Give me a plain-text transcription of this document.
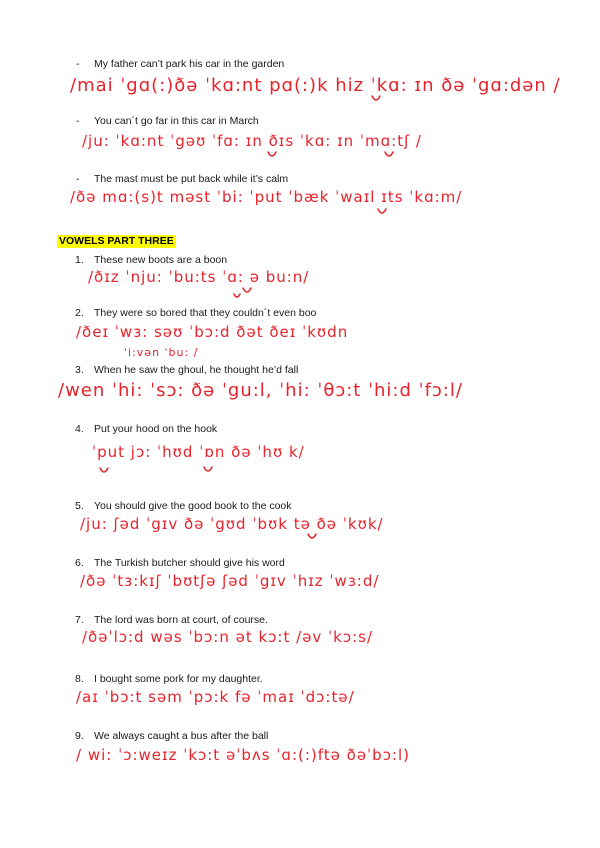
- My father can’t park his car in the garden
/mai ˈgɑ(:)ðə ˈkɑ:nt pɑ(:)k hiz ˈkɑ: ɪn ðə ˈgɑ:dən /
- You can´t go far in this car in March
/ju: ˈkɑ:nt ˈgəʊ ˈfɑ: ɪn ðɪs ˈkɑ: ɪn ˈmɑ:tʃ /
- The mast must be put back while it’s calm
/ðə mɑ:(s)t məst ˈbi: ˈput ˈbæk ˈwaɪl ɪts ˈkɑ:m/
VOWELS PART THREE
1. These new boots are a boon
/ðɪz ˈnju: ˈbu:ts ˈɑ: ə bu:n/
2. They were so bored that they couldn´t even boo
/ðeɪ ˈwɜ: səʊ ˈbɔ:d ðət ðeɪ ˈkʊdn
ˈi:vən ˈbu: /
3. When he saw the ghoul, he thought he’d fall
/wen ˈhi: ˈsɔ: ðə ˈgu:l, ˈhi: ˈθɔ:t ˈhi:d ˈfɔ:l/
4. Put your hood on the hook
ˈput jɔ: ˈhʊd ˈɒn ðə ˈhʊ k/
5. You should give the good book to the cook
/ju: ʃəd ˈgɪv ðə ˈgʊd ˈbʊk tə ðə ˈkʊk/
6. The Turkish butcher should give his word
/ðə ˈtɜ:kɪʃ ˈbʊtʃə ʃəd ˈgɪv ˈhɪz ˈwɜ:d/
7. The lord was born at court, of course.
/ðəˈlɔ:d wəs ˈbɔ:n ət kɔ:t /əv ˈkɔ:s/
8. I bought some pork for my daughter.
/aɪ ˈbɔ:t səm ˈpɔ:k fə ˈmaɪ ˈdɔ:tə/
9. We always caught a bus after the ball
/ wi: ˈɔ:weɪz ˈkɔ:t əˈbʌs ˈɑ:(:)ftə ðəˈbɔ:l)
